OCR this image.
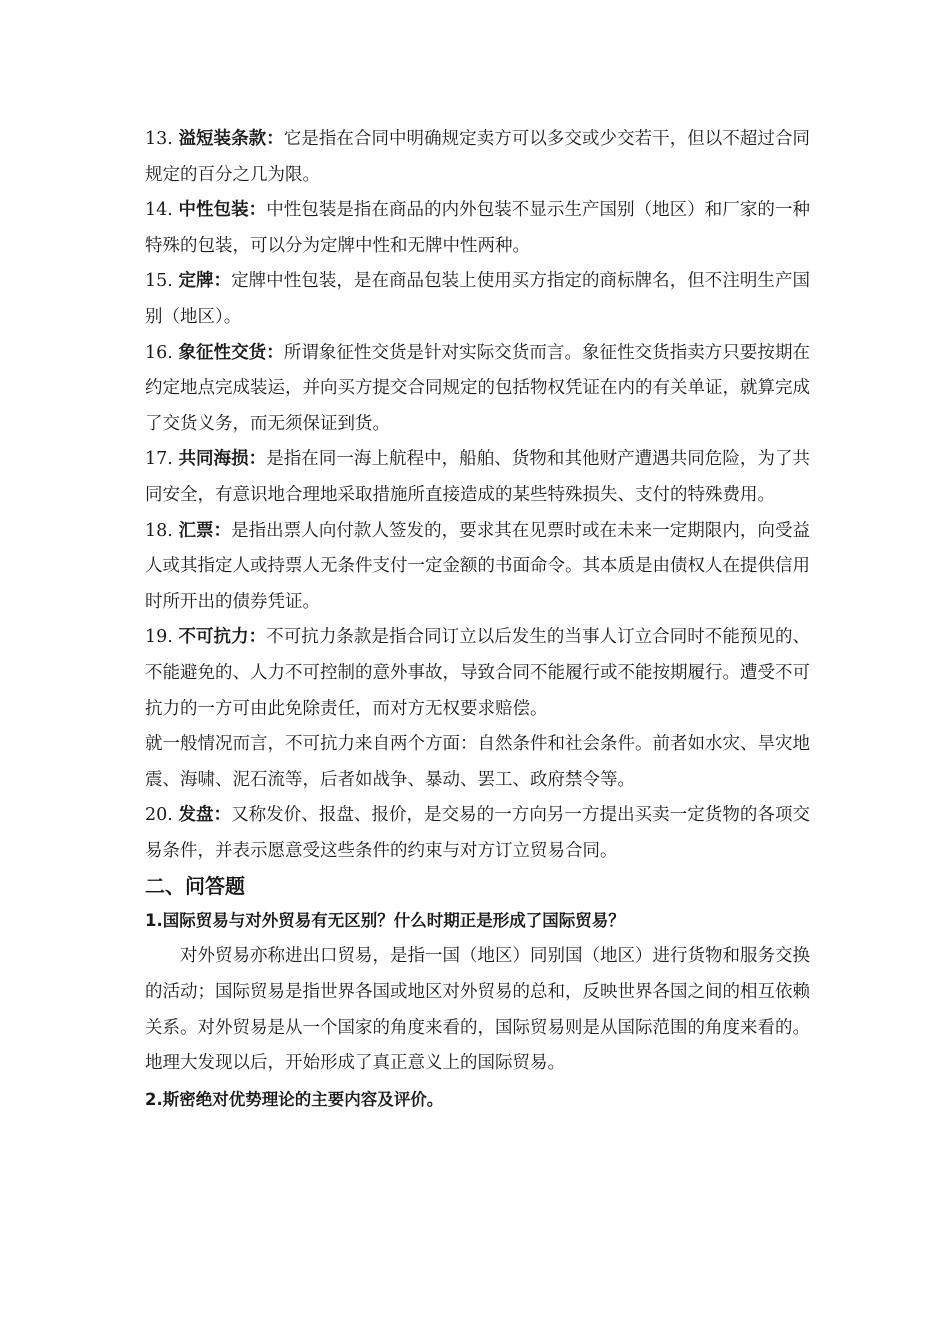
13. 溢短装条款：它是指在合同中明确规定卖方可以多交或少交若干，但以不超过合同规定的百分之几为限。

14. 中性包装：中性包装是指在商品的内外包装不显示生产国别（地区）和厂家的一种特殊的包装，可以分为定牌中性和无牌中性两种。

15. 定牌：定牌中性包装，是在商品包装上使用买方指定的商标牌名，但不注明生产国别（地区）。

16. 象征性交货：所谓象征性交货是针对实际交货而言。象征性交货指卖方只要按期在约定地点完成装运，并向买方提交合同规定的包括物权凭证在内的有关单证，就算完成了交货义务，而无须保证到货。

17. 共同海损：是指在同一海上航程中，船舶、货物和其他财产遭遇共同危险，为了共同安全，有意识地合理地采取措施所直接造成的某些特殊损失、支付的特殊费用。

18. 汇票：是指出票人向付款人签发的，要求其在见票时或在未来一定期限内，向受益人或其指定人或持票人无条件支付一定金额的书面命令。其本质是由债权人在提供信用时所开出的债券凭证。

19. 不可抗力：不可抗力条款是指合同订立以后发生的当事人订立合同时不能预见的、不能避免的、人力不可控制的意外事故，导致合同不能履行或不能按期履行。遭受不可抗力的一方可由此免除责任，而对方无权要求赔偿。

就一般情况而言，不可抗力来自两个方面：自然条件和社会条件。前者如水灾、旱灾地

震、海啸、泥石流等，后者如战争、暴动、罢工、政府禁令等。

20. 发盘：又称发价、报盘、报价，是交易的一方向另一方提出买卖一定货物的各项交易条件，并表示愿意受这些条件的约束与对方订立贸易合同。

二、问答题
1.国际贸易与对外贸易有无区别？什么时期正是形成了国际贸易？

对外贸易亦称进出口贸易，是指一国（地区）同别国（地区）进行货物和服务交换的活动；国际贸易是指世界各国或地区对外贸易的总和，反映世界各国之间的相互依赖关系。对外贸易是从一个国家的角度来看的，国际贸易则是从国际范围的角度来看的。地理大发现以后，开始形成了真正意义上的国际贸易。

2.斯密绝对优势理论的主要内容及评价。
